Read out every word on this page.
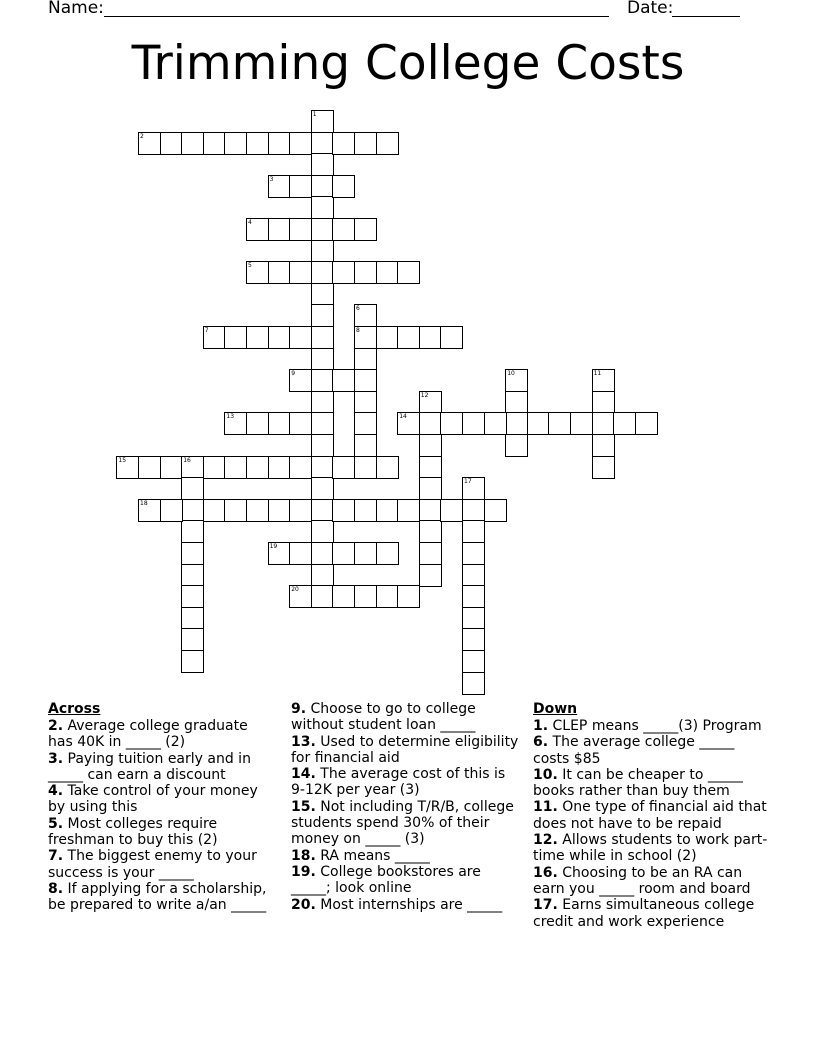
Name:	Date:
Trimming College Costs
1
2
3
4
5
6
8
7
9	10	11
12
13	14
15	16
17
18
19
20
Across

2. Average college graduate has 40K in _____ (2)

3. Paying tuition early and in _____ can earn a discount

4. Take control of your money by using this

5. Most colleges require freshman to buy this (2)

7. The biggest enemy to your success is your _____

8. If applying for a scholarship, be prepared to write a/an _____

9. Choose to go to college without student loan _____

13. Used to determine eligibility for financial aid

14. The average cost of this is 9-12K per year (3)

15. Not including T/R/B, college students spend 30% of their money on _____ (3)

18. RA means _____

19. College bookstores are _____; look online

20. Most internships are _____

Down

1. CLEP means _____(3) Program

6. The average college _____ costs $85

10. It can be cheaper to _____ books rather than buy them

11. One type of financial aid that does not have to be repaid

12. Allows students to work part-time while in school (2)

16. Choosing to be an RA can earn you _____ room and board

17. Earns simultaneous college credit and work experience
